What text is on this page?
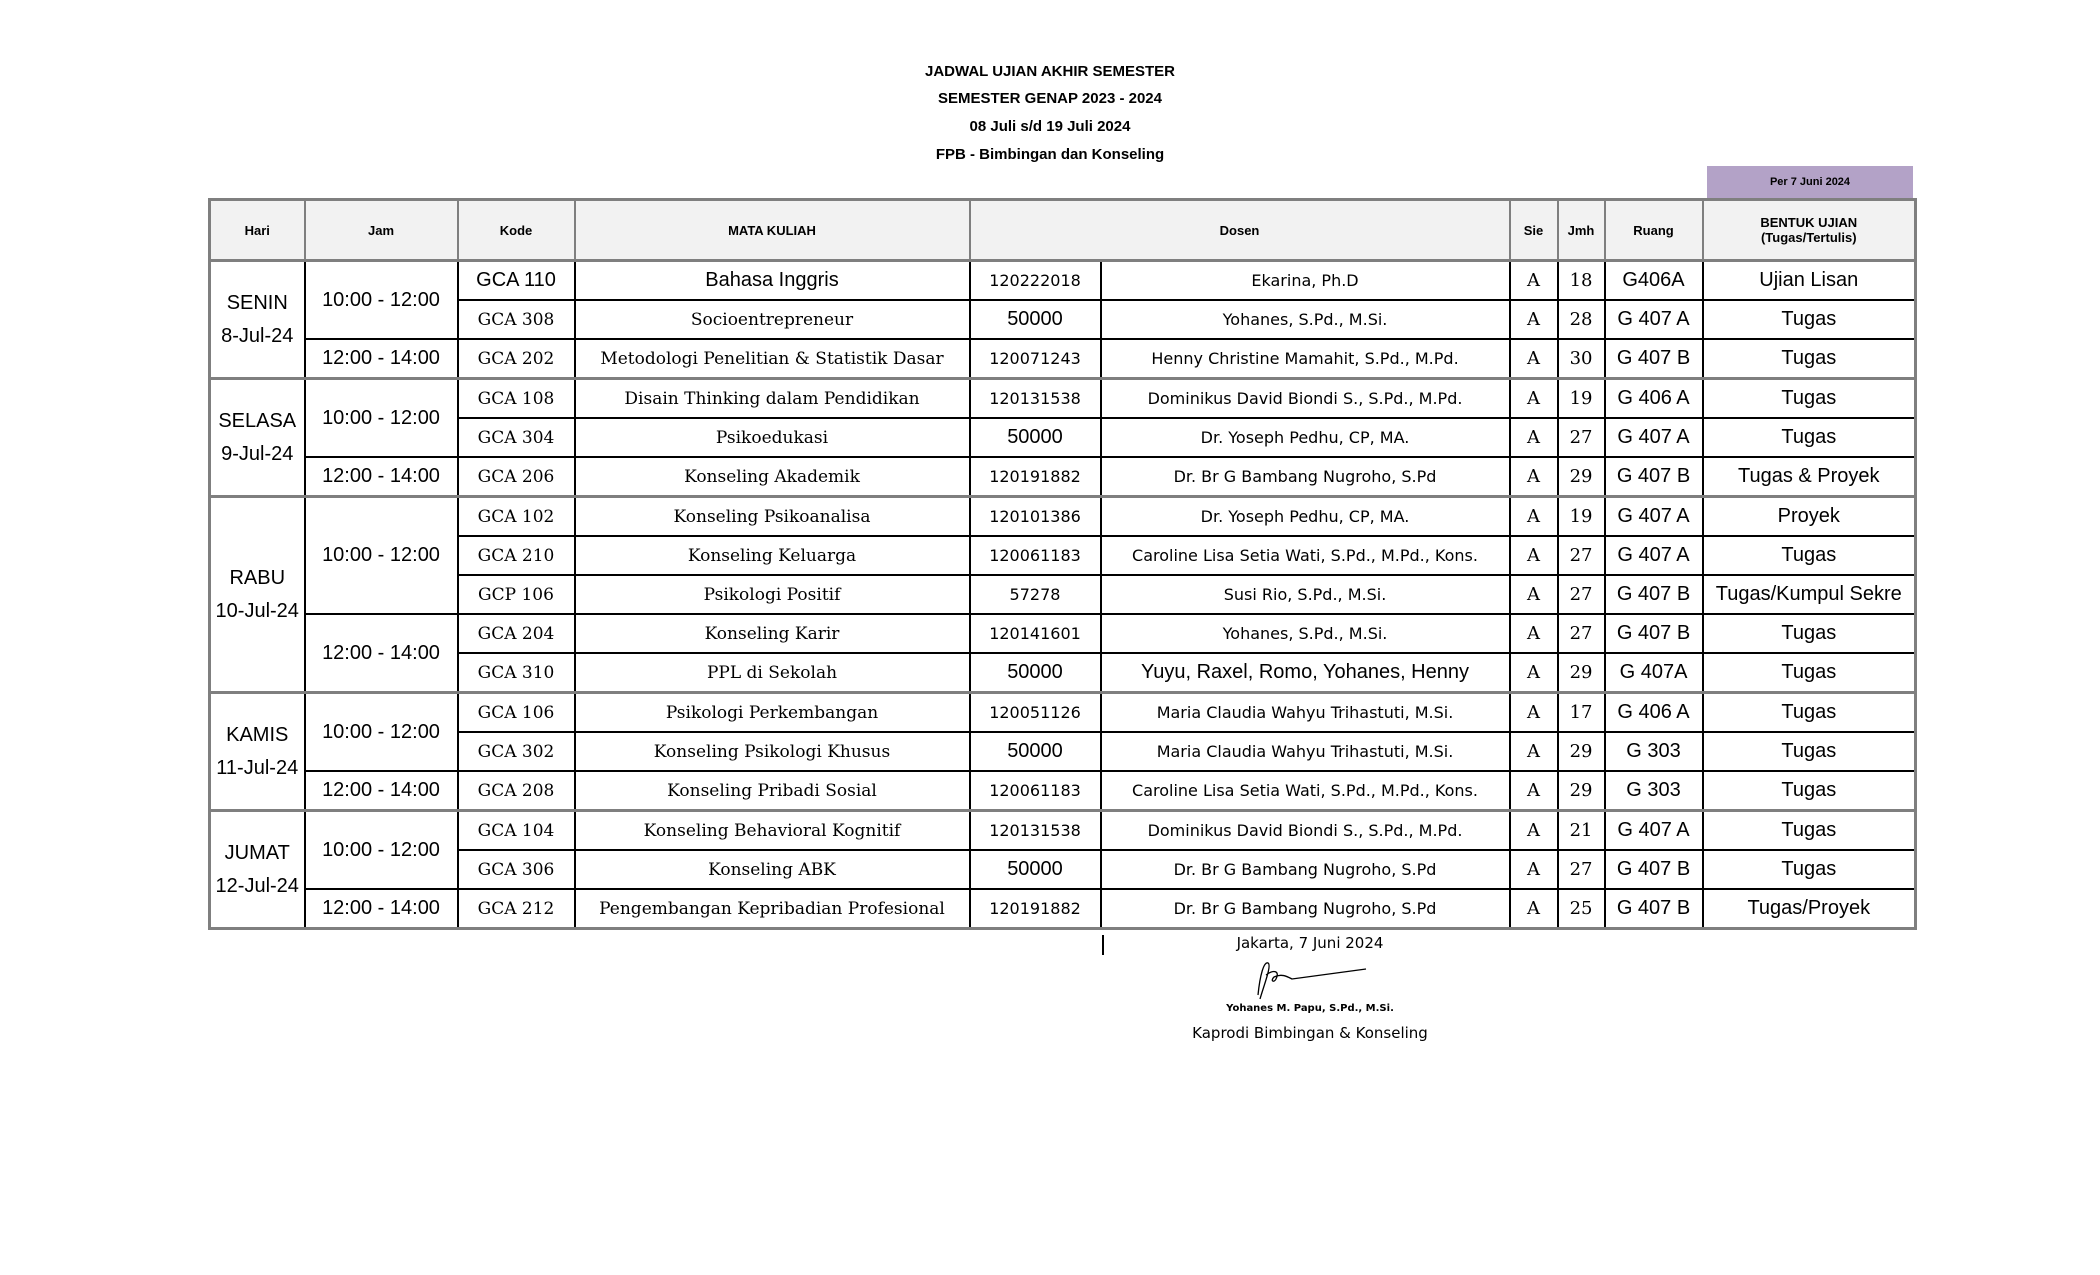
JADWAL UJIAN AKHIR SEMESTER
SEMESTER GENAP 2023 - 2024
08 Juli s/d 19 Juli 2024
FPB - Bimbingan dan Konseling
Per 7 Juni 2024
Hari	Jam	Kode	MATA KULIAH	Dosen		Sie	Jmh	Ruang	BENTUK UJIAN
(Tugas/Tertulis)

SENIN
8-Jul-24	10:00 - 12:00	GCA 110	Bahasa Inggris	120222018	Ekarina, Ph.D	A	18	G406A	Ujian Lisan
		GCA 308	Socioentrepreneur	50000	Yohanes, S.Pd., M.Si.	A	28	G 407 A	Tugas
	12:00 - 14:00	GCA 202	Metodologi Penelitian & Statistik Dasar	120071243	Henny Christine Mamahit, S.Pd., M.Pd.	A	30	G 407 B	Tugas

SELASA
9-Jul-24	10:00 - 12:00	GCA 108	Disain Thinking dalam Pendidikan	120131538	Dominikus David Biondi S., S.Pd., M.Pd.	A	19	G 406 A	Tugas
		GCA 304	Psikoedukasi	50000	Dr. Yoseph Pedhu, CP, MA.	A	27	G 407 A	Tugas
	12:00 - 14:00	GCA 206	Konseling Akademik	120191882	Dr. Br G Bambang Nugroho, S.Pd	A	29	G 407 B	Tugas & Proyek

RABU
10-Jul-24	10:00 - 12:00	GCA 102	Konseling Psikoanalisa	120101386	Dr. Yoseph Pedhu, CP, MA.	A	19	G 407 A	Proyek
		GCA 210	Konseling Keluarga	120061183	Caroline Lisa Setia Wati, S.Pd., M.Pd., Kons.	A	27	G 407 A	Tugas
		GCP 106	Psikologi Positif	57278	Susi Rio, S.Pd., M.Si.	A	27	G 407 B	Tugas/Kumpul Sekre
	12:00 - 14:00	GCA 204	Konseling Karir	120141601	Yohanes, S.Pd., M.Si.	A	27	G 407 B	Tugas
		GCA 310	PPL di Sekolah	50000	Yuyu, Raxel, Romo, Yohanes, Henny	A	29	G 407A	Tugas

KAMIS
11-Jul-24	10:00 - 12:00	GCA 106	Psikologi Perkembangan	120051126	Maria Claudia Wahyu Trihastuti, M.Si.	A	17	G 406 A	Tugas
		GCA 302	Konseling Psikologi Khusus	50000	Maria Claudia Wahyu Trihastuti, M.Si.	A	29	G 303	Tugas
	12:00 - 14:00	GCA 208	Konseling Pribadi Sosial	120061183	Caroline Lisa Setia Wati, S.Pd., M.Pd., Kons.	A	29	G 303	Tugas

JUMAT
12-Jul-24	10:00 - 12:00	GCA 104	Konseling Behavioral Kognitif	120131538	Dominikus David Biondi S., S.Pd., M.Pd.	A	21	G 407 A	Tugas
		GCA 306	Konseling ABK	50000	Dr. Br G Bambang Nugroho, S.Pd	A	27	G 407 B	Tugas
	12:00 - 14:00	GCA 212	Pengembangan Kepribadian Profesional	120191882	Dr. Br G Bambang Nugroho, S.Pd	A	25	G 407 B	Tugas/Proyek
Jakarta, 7 Juni 2024
Yohanes M. Papu, S.Pd., M.Si.
Kaprodi Bimbingan & Konseling
